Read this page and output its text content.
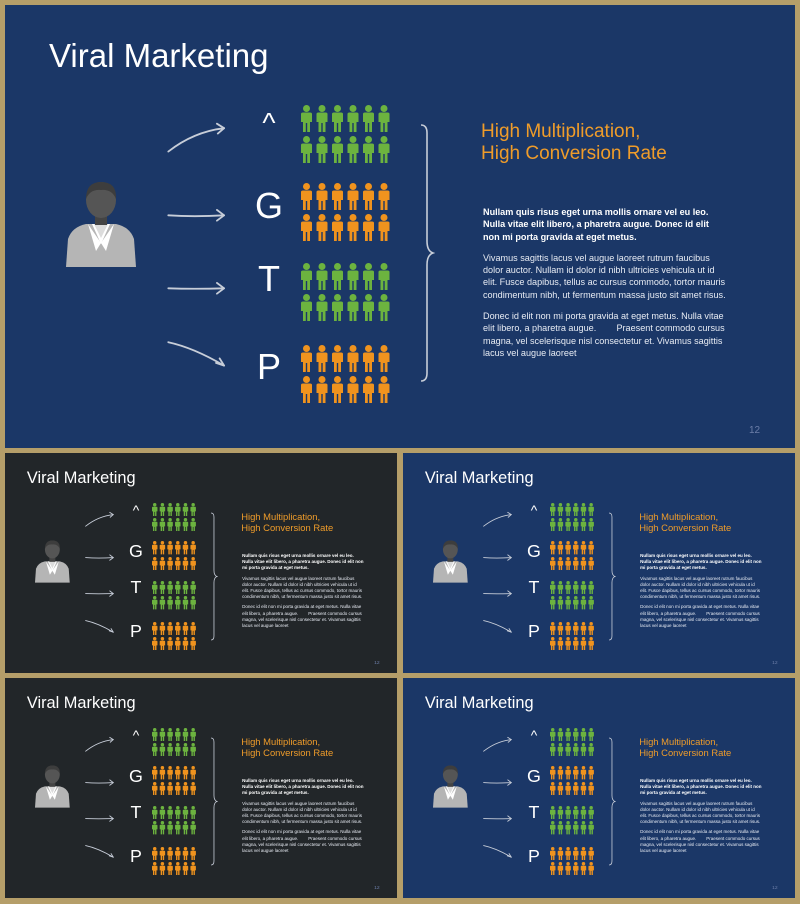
Viral Marketing
^
G
T
P
High Multiplication,
High Conversion Rate

Nullam quis risus eget urna mollis ornare vel eu leo. Nulla vitae elit libero, a pharetra augue. Donec id elit non mi porta gravida at eget metus.

Vivamus sagittis lacus vel augue laoreet rutrum faucibus dolor auctor. Nullam id dolor id nibh ultricies vehicula ut id elit. Fusce dapibus, tellus ac cursus commodo, tortor mauris condimentum nibh, ut fermentum massa justo sit amet risus.

Donec id elit non mi porta gravida at eget metus. Nulla vitae elit libero, a pharetra augue.        Praesent commodo cursus magna, vel scelerisque nisl consectetur et. Vivamus sagittis lacus vel augue laoreet

12
Viral Marketing
^
G
T
P
High Multiplication,
High Conversion Rate

Nullam quis risus eget urna mollis ornare vel eu leo. Nulla vitae elit libero, a pharetra augue. Donec id elit non mi porta gravida at eget metus.

Vivamus sagittis lacus vel augue laoreet rutrum faucibus dolor auctor. Nullam id dolor id nibh ultricies vehicula ut id elit. Fusce dapibus, tellus ac cursus commodo, tortor mauris condimentum nibh, ut fermentum massa justo sit amet risus.

Donec id elit non mi porta gravida at eget metus. Nulla vitae elit libero, a pharetra augue.        Praesent commodo cursus magna, vel scelerisque nisl consectetur et. Vivamus sagittis lacus vel augue laoreet

12
Viral Marketing
^
G
T
P
High Multiplication,
High Conversion Rate

Nullam quis risus eget urna mollis ornare vel eu leo. Nulla vitae elit libero, a pharetra augue. Donec id elit non mi porta gravida at eget metus.

Vivamus sagittis lacus vel augue laoreet rutrum faucibus dolor auctor. Nullam id dolor id nibh ultricies vehicula ut id elit. Fusce dapibus, tellus ac cursus commodo, tortor mauris condimentum nibh, ut fermentum massa justo sit amet risus.

Donec id elit non mi porta gravida at eget metus. Nulla vitae elit libero, a pharetra augue.        Praesent commodo cursus magna, vel scelerisque nisl consectetur et. Vivamus sagittis lacus vel augue laoreet

12
Viral Marketing
^
G
T
P
High Multiplication,
High Conversion Rate

Nullam quis risus eget urna mollis ornare vel eu leo. Nulla vitae elit libero, a pharetra augue. Donec id elit non mi porta gravida at eget metus.

Vivamus sagittis lacus vel augue laoreet rutrum faucibus dolor auctor. Nullam id dolor id nibh ultricies vehicula ut id elit. Fusce dapibus, tellus ac cursus commodo, tortor mauris condimentum nibh, ut fermentum massa justo sit amet risus.

Donec id elit non mi porta gravida at eget metus. Nulla vitae elit libero, a pharetra augue.        Praesent commodo cursus magna, vel scelerisque nisl consectetur et. Vivamus sagittis lacus vel augue laoreet

12
Viral Marketing
^
G
T
P
High Multiplication,
High Conversion Rate

Nullam quis risus eget urna mollis ornare vel eu leo. Nulla vitae elit libero, a pharetra augue. Donec id elit non mi porta gravida at eget metus.

Vivamus sagittis lacus vel augue laoreet rutrum faucibus dolor auctor. Nullam id dolor id nibh ultricies vehicula ut id elit. Fusce dapibus, tellus ac cursus commodo, tortor mauris condimentum nibh, ut fermentum massa justo sit amet risus.

Donec id elit non mi porta gravida at eget metus. Nulla vitae elit libero, a pharetra augue.        Praesent commodo cursus magna, vel scelerisque nisl consectetur et. Vivamus sagittis lacus vel augue laoreet

12
